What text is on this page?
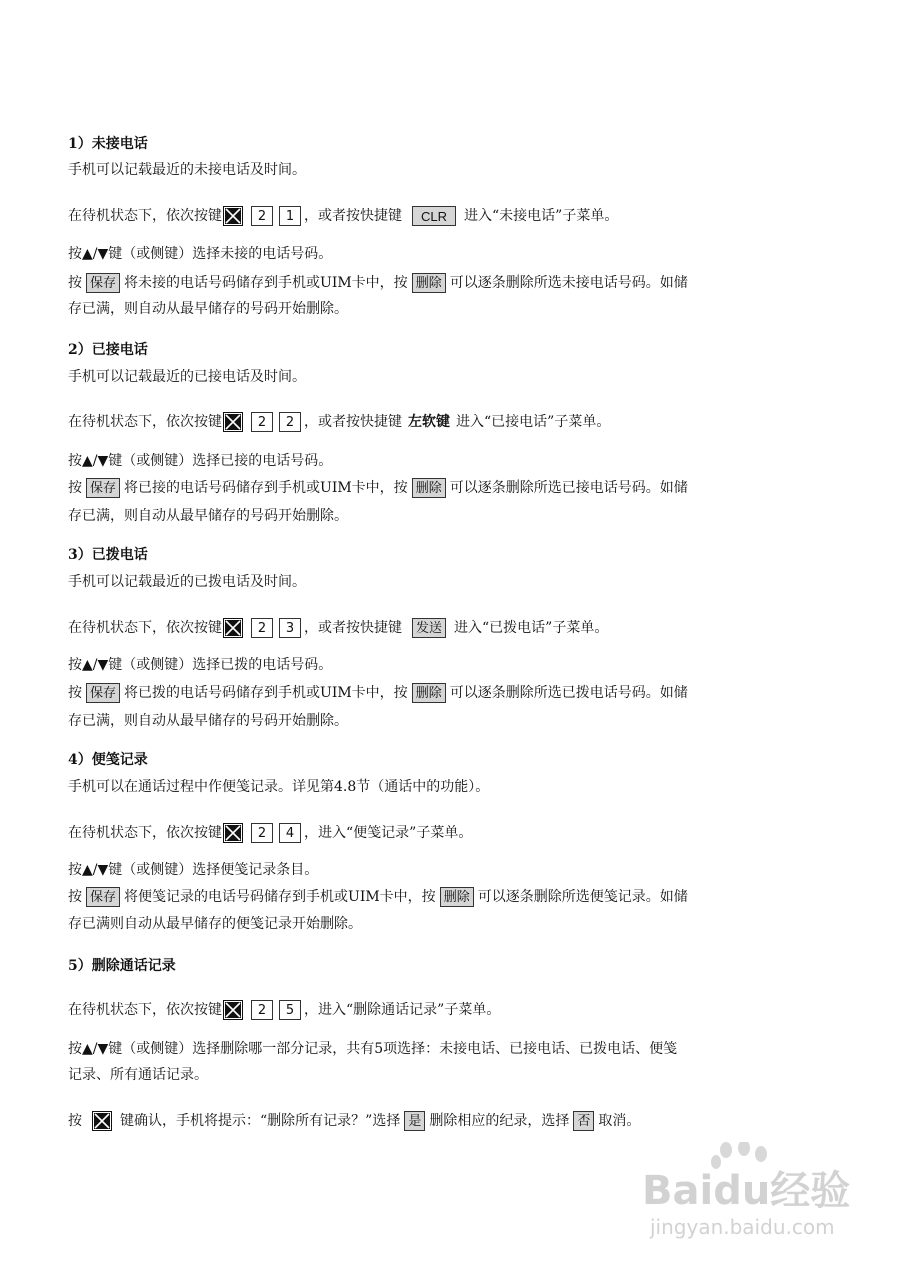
1）未接电话
手机可以记载最近的未接电话及时间。
在待机状态下，依次按键	2 1 ，或者按快捷键 CLR 进入“未接电话”子菜单。
按▲/▼键（或侧键）选择未接的电话号码。
按 保存 将未接的电话号码储存到手机或UIM卡中，按 删除 可以逐条删除所选未接电话号码。如储
存已满，则自动从最早储存的号码开始删除。
2）已接电话
手机可以记载最近的已接电话及时间。
在待机状态下，依次按键	2 2 ，或者按快捷键 左软键 进入“已接电话”子菜单。
按▲/▼键（或侧键）选择已接的电话号码。
按 保存 将已接的电话号码储存到手机或UIM卡中，按 删除 可以逐条删除所选已接电话号码。如储
存已满，则自动从最早储存的号码开始删除。
3）已拨电话
手机可以记载最近的已拨电话及时间。
在待机状态下，依次按键	2 3 ，或者按快捷键 发送 进入“已拨电话”子菜单。
按▲/▼键（或侧键）选择已拨的电话号码。
按 保存 将已拨的电话号码储存到手机或UIM卡中，按 删除 可以逐条删除所选已拨电话号码。如储
存已满，则自动从最早储存的号码开始删除。
4）便笺记录
手机可以在通话过程中作便笺记录。详见第4.8节（通话中的功能）。
在待机状态下，依次按键	2 4 ，进入“便笺记录”子菜单。
按▲/▼键（或侧键）选择便笺记录条目。
按 保存 将便笺记录的电话号码储存到手机或UIM卡中，按 删除 可以逐条删除所选便笺记录。如储
存已满则自动从最早储存的便笺记录开始删除。
5）删除通话记录
在待机状态下，依次按键	2 5 ，进入“删除通话记录”子菜单。
按▲/▼键（或侧键）选择删除哪一部分记录，共有5项选择：未接电话、已接电话、已拨电话、便笺
记录、所有通话记录。
按	键确认，手机将提示：“删除所有记录？”选择 是 删除相应的纪录，选择 否 取消。
Baidu经验
jingyan.baidu.com
